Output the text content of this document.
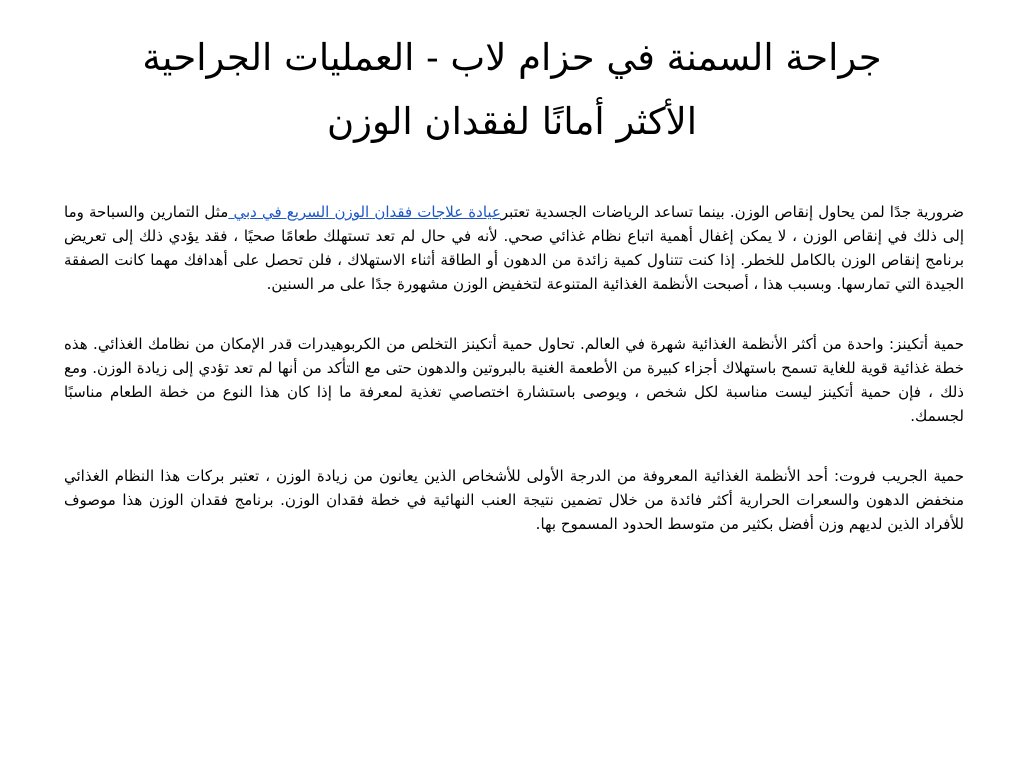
جراحة السمنة في حزام لاب - العمليات الجراحية
الأكثر أمانًا لفقدان الوزن

ضرورية جدًا لمن يحاول إنقاص الوزن. بينما تساعد الرياضات الجسدية تعتبرعيادة علاجات فقدان الوزن السريع في دبي مثل التمارين والسباحة وما إلى ذلك في إنقاص الوزن ، لا يمكن إغفال أهمية اتباع نظام غذائي صحي. لأنه في حال لم تعد تستهلك طعامًا صحيًا ، فقد يؤدي ذلك إلى تعريض برنامج إنقاص الوزن بالكامل للخطر. إذا كنت تتناول كمية زائدة من الدهون أو الطاقة أثناء الاستهلاك ، فلن تحصل على أهدافك مهما كانت الصفقة الجيدة التي تمارسها. وبسبب هذا ، أصبحت الأنظمة الغذائية المتنوعة لتخفيض الوزن مشهورة جدًا على مر السنين.

حمية أتكينز: واحدة من أكثر الأنظمة الغذائية شهرة في العالم. تحاول حمية أتكينز التخلص من الكربوهيدرات قدر الإمكان من نظامك الغذائي. هذه خطة غذائية قوية للغاية تسمح باستهلاك أجزاء كبيرة من الأطعمة الغنية بالبروتين والدهون حتى مع التأكد من أنها لم تعد تؤدي إلى زيادة الوزن. ومع ذلك ، فإن حمية أتكينز ليست مناسبة لكل شخص ، ويوصى باستشارة اختصاصي تغذية لمعرفة ما إذا كان هذا النوع من خطة الطعام مناسبًا لجسمك.

حمية الجريب فروت: أحد الأنظمة الغذائية المعروفة من الدرجة الأولى للأشخاص الذين يعانون من زيادة الوزن ، تعتبر بركات هذا النظام الغذائي منخفض الدهون والسعرات الحرارية أكثر فائدة من خلال تضمين نتيجة العنب النهائية في خطة فقدان الوزن. برنامج فقدان الوزن هذا موصوف للأفراد الذين لديهم وزن أفضل بكثير من متوسط الحدود المسموح بها.
